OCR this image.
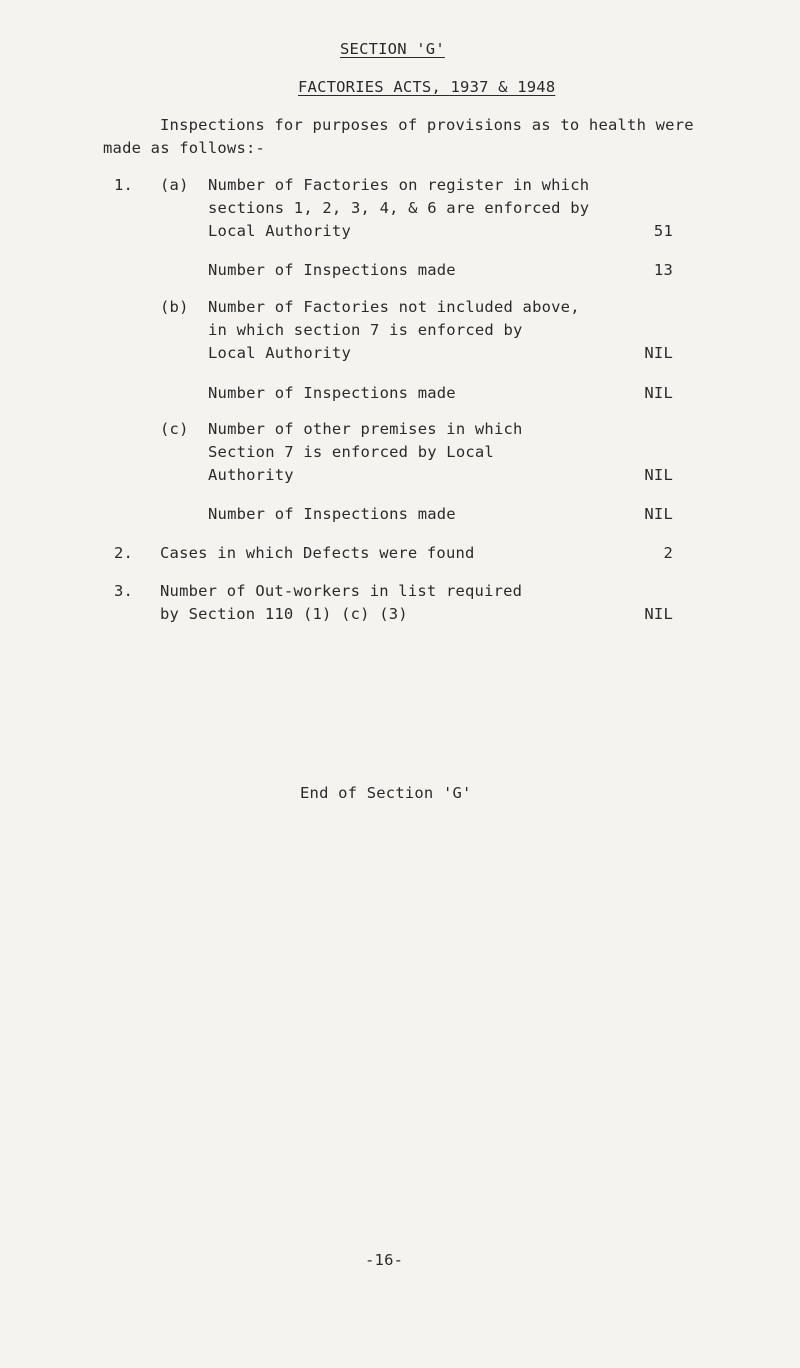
SECTION 'G'
FACTORIES ACTS, 1937 & 1948
Inspections for purposes of provisions as to health were
made as follows:-
1. (a) Number of Factories on register in which
sections 1, 2, 3, 4, & 6 are enforced by
Local Authority	51
Number of Inspections made	13
(b) Number of Factories not included above,
in which section 7 is enforced by
Local Authority	NIL
Number of Inspections made	NIL
(c) Number of other premises in which
Section 7 is enforced by Local
Authority	NIL
Number of Inspections made	NIL
2. Cases in which Defects were found	2
3. Number of Out-workers in list required
by Section 110 (1) (c) (3)	NIL
End of Section 'G'
-16-
